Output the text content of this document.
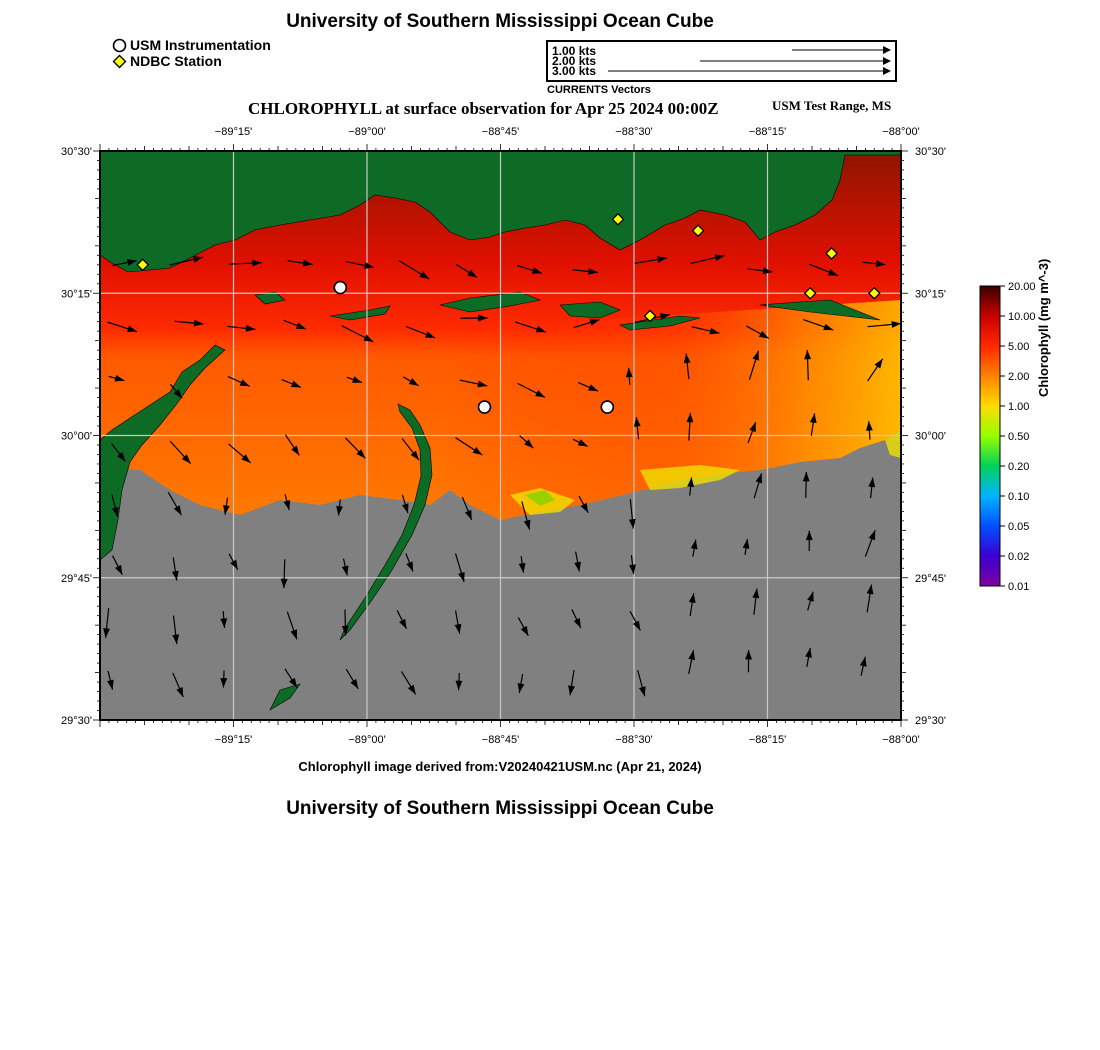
University of Southern Mississippi Ocean Cube
USM Instrumentation
NDBC Station
1.00 kts
2.00 kts
3.00 kts
CURRENTS Vectors
CHLOROPHYLL at surface observation for Apr 25 2024 00:00Z	USM Test Range, MS
−89°15'
−89°15'
−89°00'
−89°00'
−88°45'
−88°45'
−88°30'
−88°30'
−88°15'
−88°15'
−88°00'
−88°00'
30°30'	30°30'
30°15'	30°15'
30°00'	30°00'
29°45'	29°45'
29°30'	29°30'
Chlorophyll image derived from:V20240421USM.nc (Apr 21, 2024)
University of Southern Mississippi Ocean Cube
20.00
10.00
5.00
2.00
1.00
0.50
0.20
0.10
0.05
0.02
0.01
Chlorophyll (mg m^-3)
